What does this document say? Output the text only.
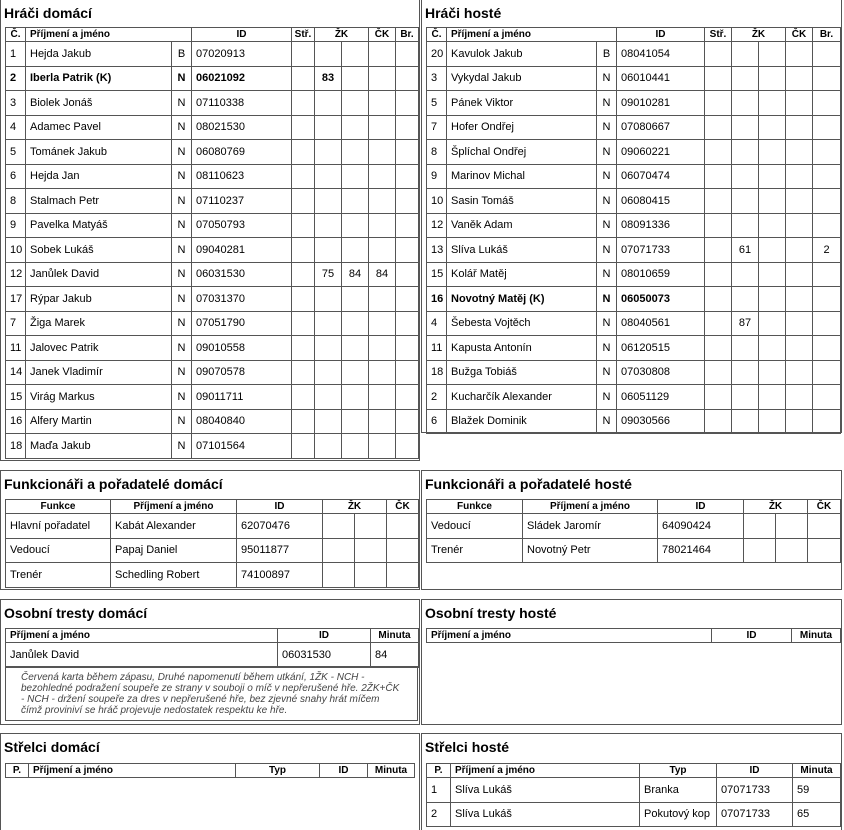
Hráči domácí
Č.	Příjmení a jméno		ID	Stř.	ŽK		ČK	Br.
1	Hejda Jakub	B	07020913					
2	Iberla Patrik (K)	N	06021092		83			
3	Biolek Jonáš	N	07110338					
4	Adamec Pavel	N	08021530					
5	Tománek Jakub	N	06080769					
6	Hejda Jan	N	08110623					
8	Stalmach Petr	N	07110237					
9	Pavelka Matyáš	N	07050793					
10	Sobek Lukáš	N	09040281					
12	Janůlek David	N	06031530		75	84	84	
17	Rýpar Jakub	N	07031370					
7	Žiga Marek	N	07051790					
11	Jalovec Patrik	N	09010558					
14	Janek Vladimír	N	09070578					
15	Virág Markus	N	09011711					
16	Alfery Martin	N	08040840					
18	Maďa Jakub	N	07101564					
Hráči hosté
Č.	Příjmení a jméno		ID	Stř.	ŽK		ČK	Br.
20	Kavulok Jakub	B	08041054					
3	Vykydal Jakub	N	06010441					
5	Pánek Viktor	N	09010281					
7	Hofer Ondřej	N	07080667					
8	Šplíchal Ondřej	N	09060221					
9	Marinov Michal	N	06070474					
10	Sasin Tomáš	N	06080415					
12	Vaněk Adam	N	08091336					
13	Slíva Lukáš	N	07071733		61			2
15	Kolář Matěj	N	08010659					
16	Novotný Matěj (K)	N	06050073					
4	Šebesta Vojtěch	N	08040561		87			
11	Kapusta Antonín	N	06120515					
18	Bužga Tobiáš	N	07030808					
2	Kucharčík Alexander	N	06051129					
6	Blažek Dominik	N	09030566					
Funkcionáři a pořadatelé domácí
Funkce	Příjmení a jméno	ID	ŽK		ČK
Hlavní pořadatel	Kabát Alexander	62070476			
Vedoucí	Papaj Daniel	95011877			
Trenér	Schedling Robert	74100897			
Funkcionáři a pořadatelé hosté
Funkce	Příjmení a jméno	ID	ŽK		ČK
Vedoucí	Sládek Jaromír	64090424			
Trenér	Novotný Petr	78021464			
Osobní tresty domácí
Příjmení a jméno	ID	Minuta
Janůlek David	06031530	84
Červená karta během zápasu, Druhé napomenutí během utkání, 1ŽK - NCH - bezohledné podražení soupeře ze strany v souboji o míč v nepřerušené hře. 2ŽK+ČK - NCH - držení soupeře za dres v nepřerušené hře, bez zjevné snahy hrát míčem čímž proviniví se hráč projevuje nedostatek respektu ke hře.
Osobní tresty hosté
Příjmení a jméno	ID	Minuta
Střelci domácí
P.	Příjmení a jméno	Typ	ID	Minuta
Střelci hosté
P.	Příjmení a jméno	Typ	ID	Minuta
1	Slíva Lukáš	Branka	07071733	59
2	Slíva Lukáš	Pokutový kop	07071733	65
